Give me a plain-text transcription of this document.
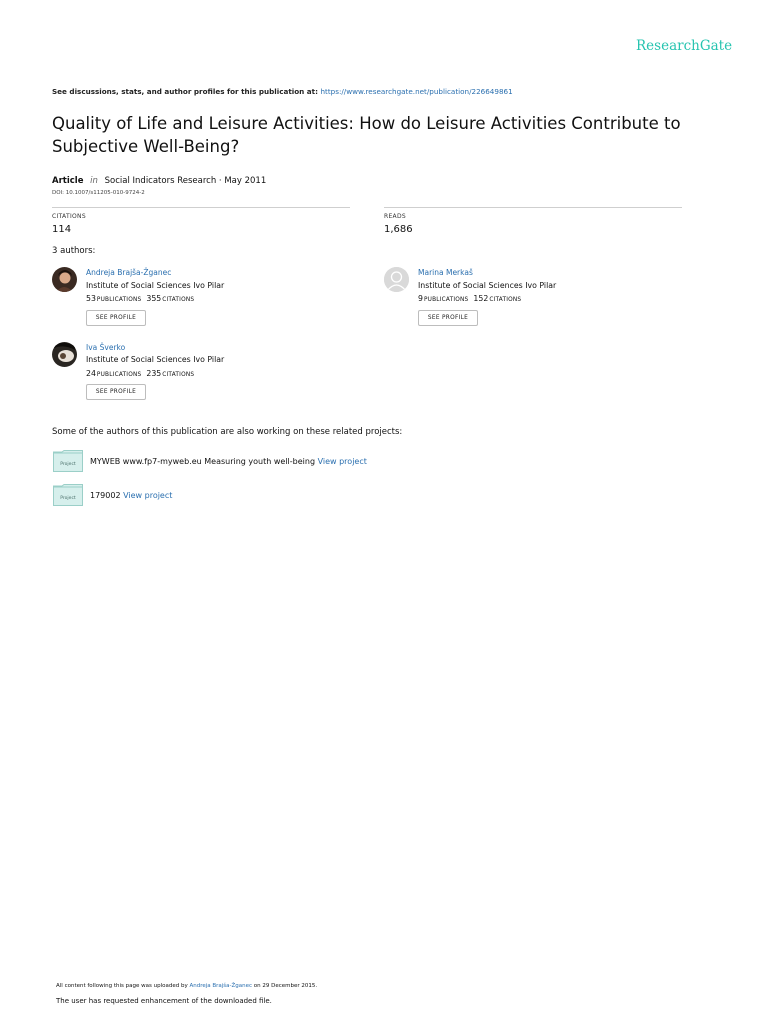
ResearchGate
See discussions, stats, and author profiles for this publication at: https://www.researchgate.net/publication/226649861
Quality of Life and Leisure Activities: How do Leisure Activities Contribute to Subjective Well-Being?
Article in Social Indicators Research · May 2011
DOI: 10.1007/s11205-010-9724-2
CITATIONS
114
READS
1,686
3 authors:
Andreja Brajša-Žganec
Institute of Social Sciences Ivo Pilar
53PUBLICATIONS 355CITATIONS
SEE PROFILE
Marina Merkaš
Institute of Social Sciences Ivo Pilar
9PUBLICATIONS 152CITATIONS
SEE PROFILE
Iva Šverko
Institute of Social Sciences Ivo Pilar
24PUBLICATIONS 235CITATIONS
SEE PROFILE
Some of the authors of this publication are also working on these related projects:
Project MYWEB www.fp7-myweb.eu Measuring youth well-being View project
Project 179002 View project
All content following this page was uploaded by Andreja Brajša-Žganec on 29 December 2015.
The user has requested enhancement of the downloaded file.
